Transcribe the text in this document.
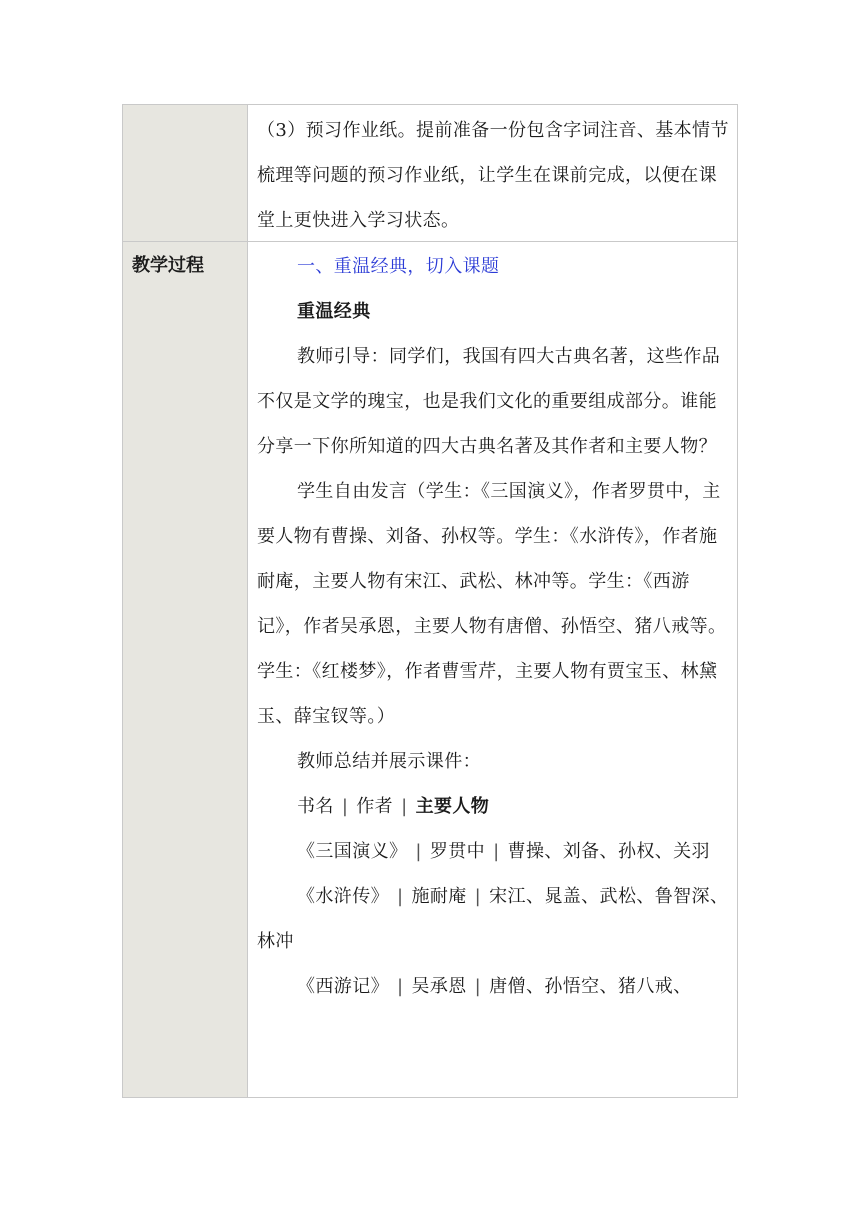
教学过程

（3）预习作业纸。提前准备一份包含字词注音、基本情节梳理等问题的预习作业纸，让学生在课前完成，以便在课堂上更快进入学习状态。

一、重温经典，切入课题

重温经典

教师引导：同学们，我国有四大古典名著，这些作品不仅是文学的瑰宝，也是我们文化的重要组成部分。谁能分享一下你所知道的四大古典名著及其作者和主要人物？

学生自由发言（学生：《三国演义》，作者罗贯中，主要人物有曹操、刘备、孙权等。学生：《水浒传》，作者施耐庵，主要人物有宋江、武松、林冲等。学生：《西游记》，作者吴承恩，主要人物有唐僧、孙悟空、猪八戒等。学生：《红楼梦》，作者曹雪芹，主要人物有贾宝玉、林黛玉、薛宝钗等。）

教师总结并展示课件：

书名 | 作者 | 主要人物

《三国演义》 | 罗贯中 | 曹操、刘备、孙权、关羽

《水浒传》 | 施耐庵 | 宋江、晁盖、武松、鲁智深、林冲

《西游记》 | 吴承恩 | 唐僧、孙悟空、猪八戒、
